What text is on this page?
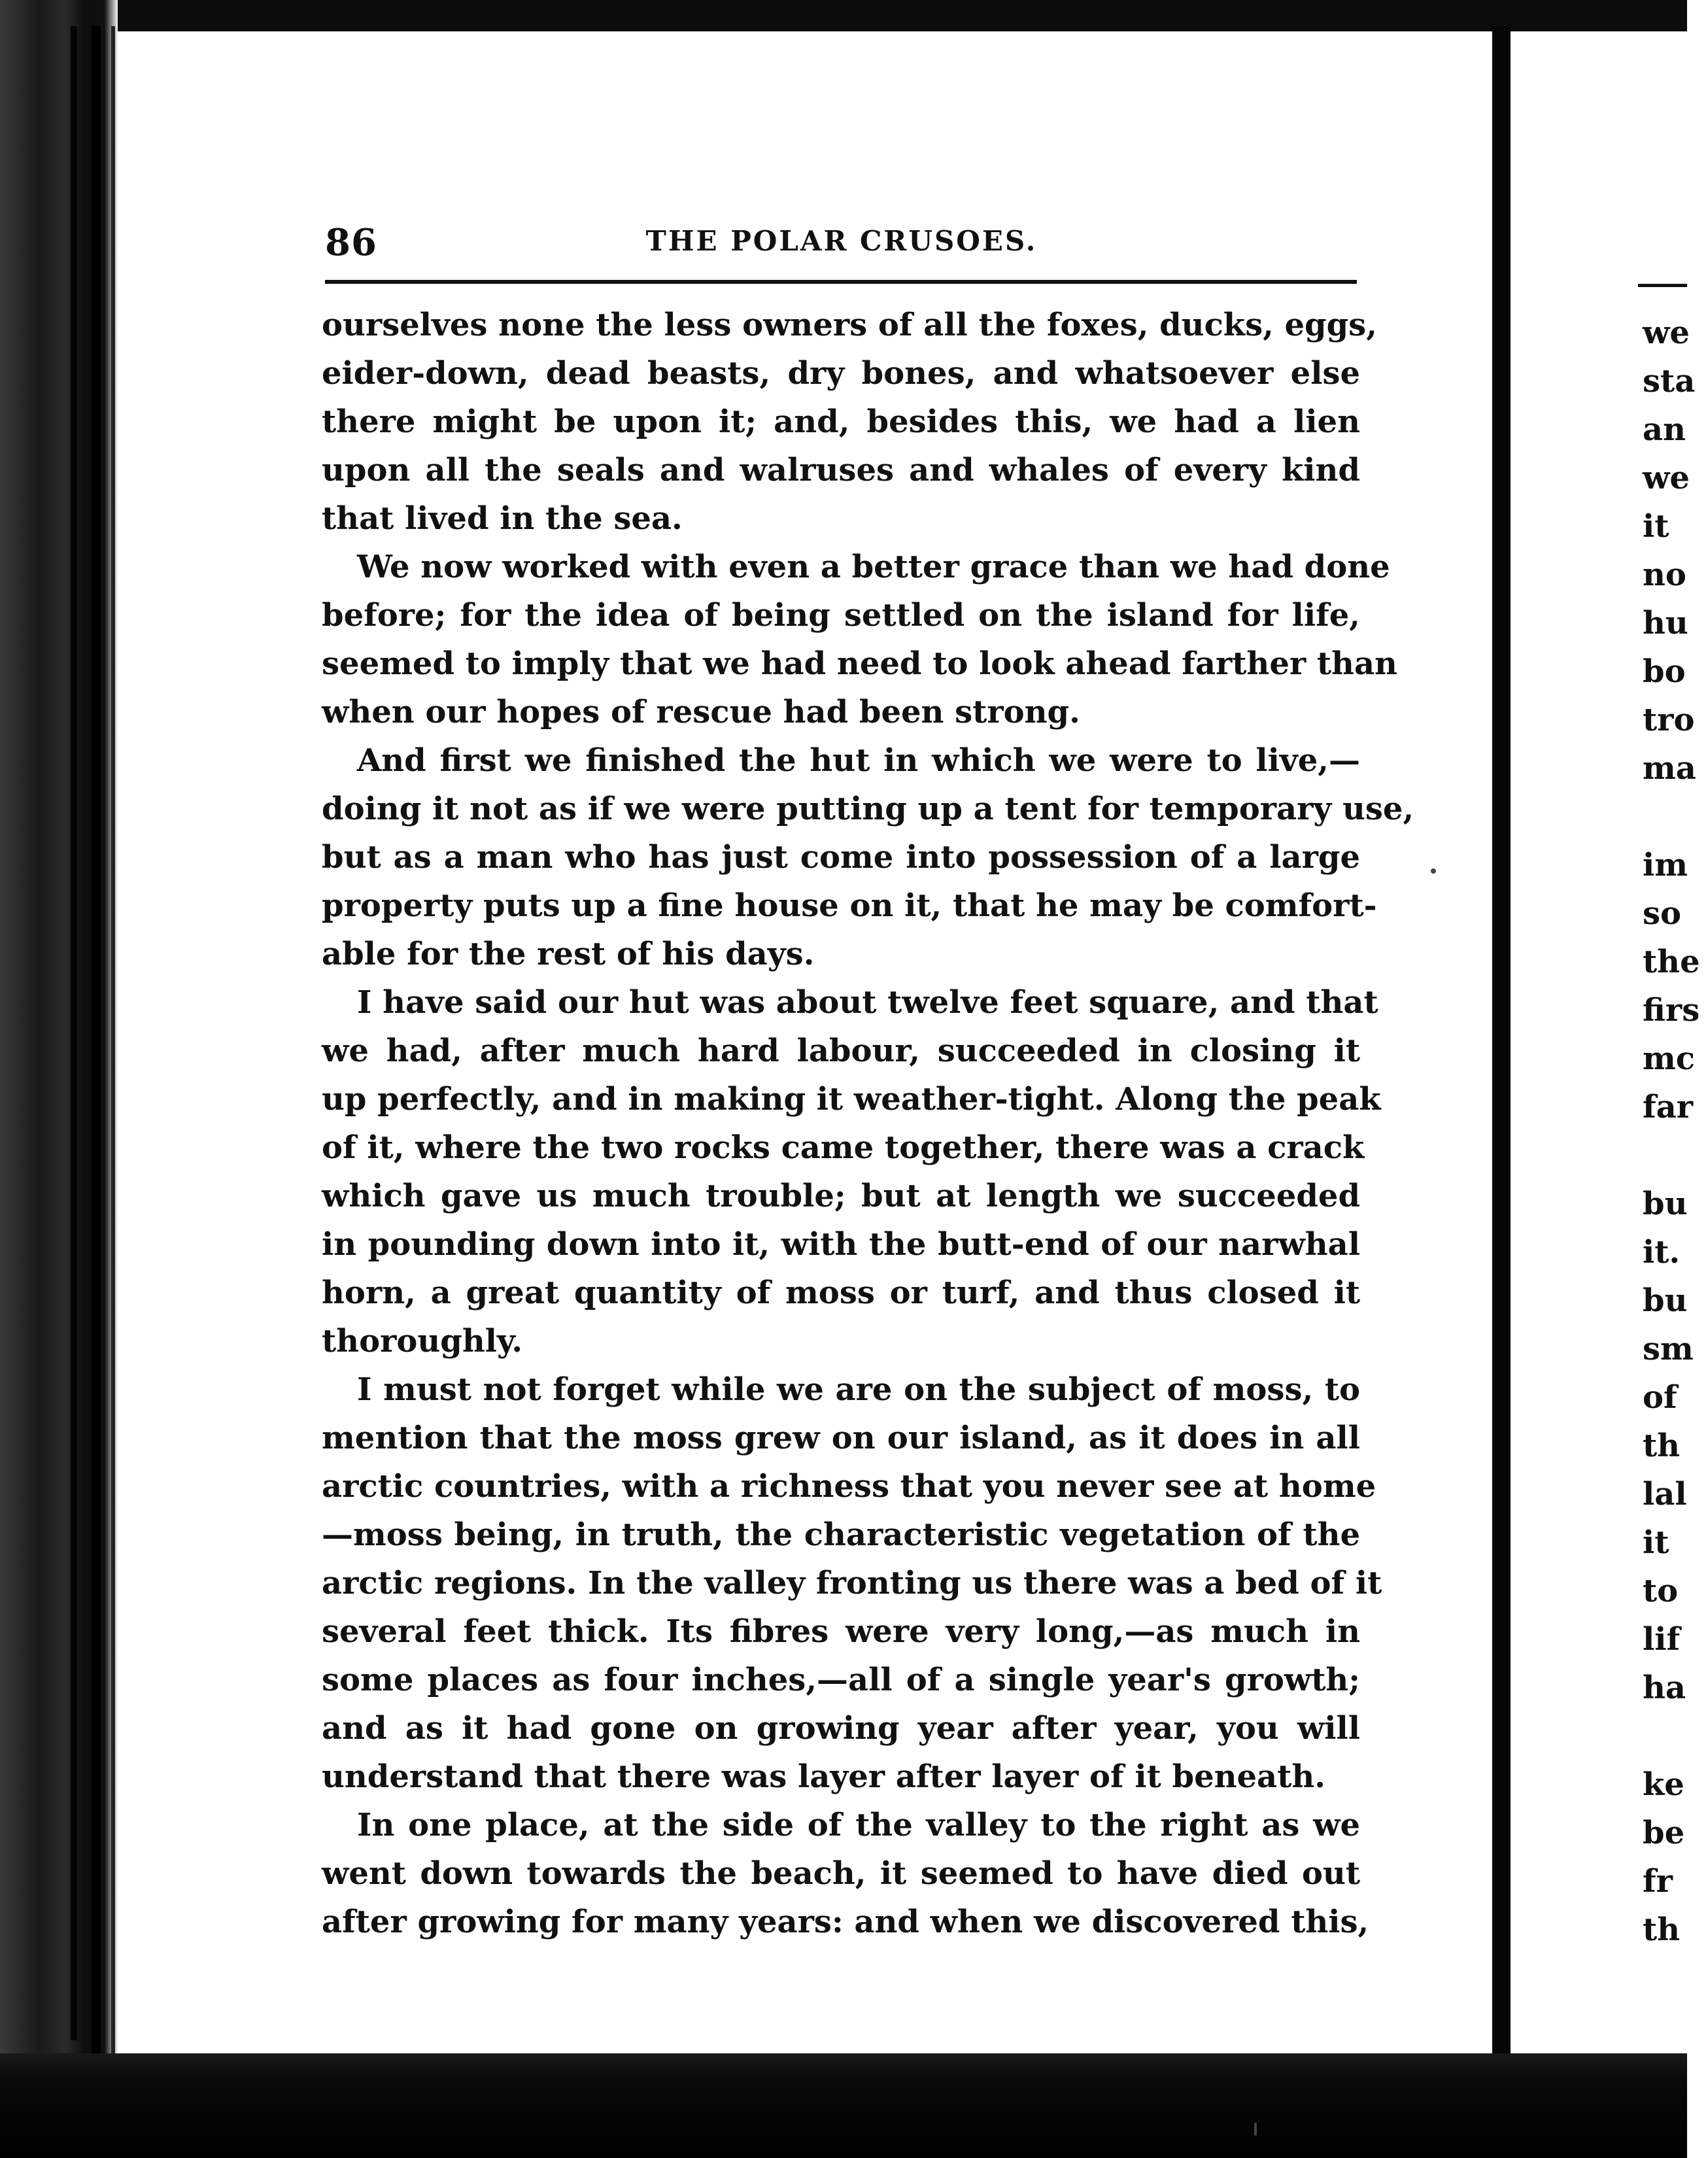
86	THE POLAR CRUSOES.
ourselves none the less owners of all the foxes, ducks, eggs,
eider-down, dead beasts, dry bones, and whatsoever else
there might be upon it; and, besides this, we had a lien
upon all the seals and walruses and whales of every kind
that lived in the sea.
We now worked with even a better grace than we had done
before; for the idea of being settled on the island for life,
seemed to imply that we had need to look ahead farther than
when our hopes of rescue had been strong.
And first we finished the hut in which we were to live,—
doing it not as if we were putting up a tent for temporary use,
but as a man who has just come into possession of a large
property puts up a fine house on it, that he may be comfort-
able for the rest of his days.
I have said our hut was about twelve feet square, and that
we had, after much hard labour, succeeded in closing it
up perfectly, and in making it weather-tight. Along the peak
of it, where the two rocks came together, there was a crack
which gave us much trouble; but at length we succeeded
in pounding down into it, with the butt-end of our narwhal
horn, a great quantity of moss or turf, and thus closed it
thoroughly.
I must not forget while we are on the subject of moss, to
mention that the moss grew on our island, as it does in all
arctic countries, with a richness that you never see at home
—moss being, in truth, the characteristic vegetation of the
arctic regions. In the valley fronting us there was a bed of it
several feet thick. Its fibres were very long,—as much in
some places as four inches,—all of a single year's growth;
and as it had gone on growing year after year, you will
understand that there was layer after layer of it beneath.
In one place, at the side of the valley to the right as we
went down towards the beach, it seemed to have died out
after growing for many years: and when we discovered this,
we
sta
an
we
it
no
hu
bo
tro
ma
im
so
the
firs
mc
far
bu
it.
bu
sm
of
th
lal
it
to
lif
ha
ke
be
fr
th
